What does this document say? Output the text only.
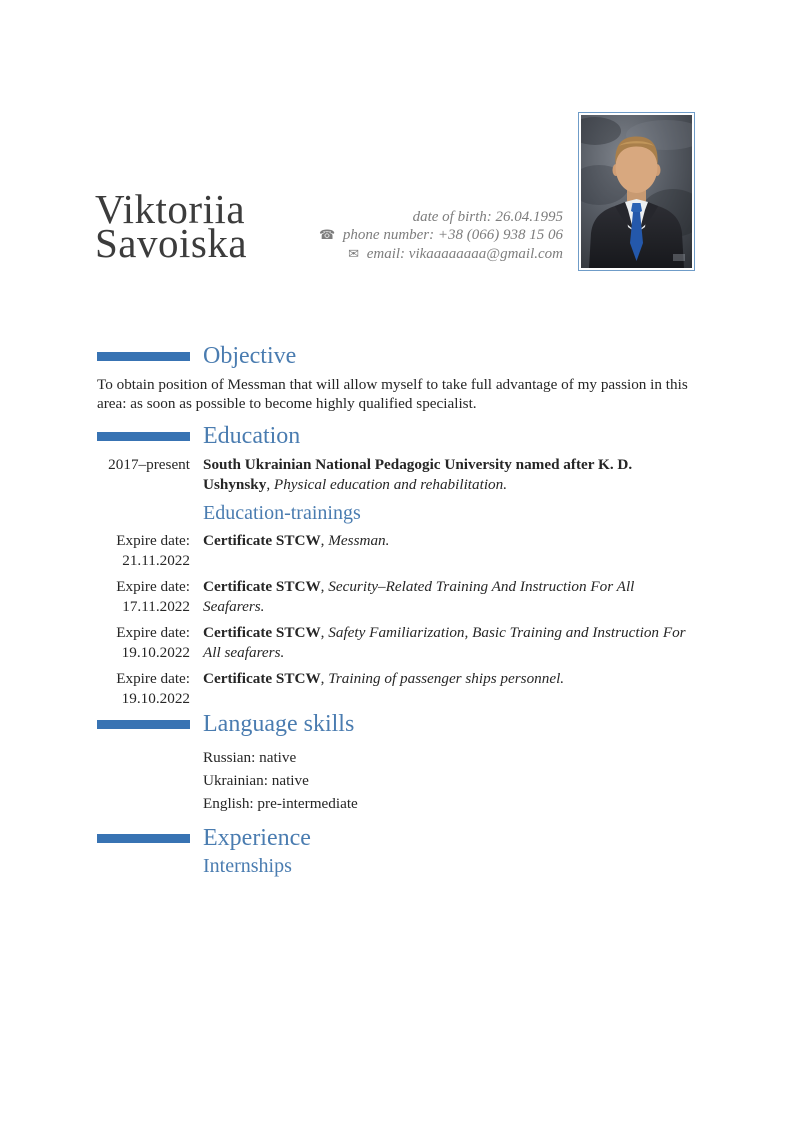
Viktoriia
Savoiska
date of birth: 26.04.1995
☎ phone number: +38 (066) 938 15 06
✉ email: vikaaaaaaaa@gmail.com
Objective

To obtain position of Messman that will allow myself to take full advantage of my passion in this area: as soon as possible to become highly qualified specialist.

Education
2017–present South Ukrainian National Pedagogic University named after K. D. Ushynsky, Physical education and rehabilitation.
Education-trainings
Expire date:
21.11.2022
Certificate STCW, Messman.
Expire date:
17.11.2022
Certificate STCW, Security–Related Training And Instruction For All Seafarers.
Expire date:
19.10.2022
Certificate STCW, Safety Familiarization, Basic Training and Instruction For All seafarers.
Expire date:
19.10.2022
Certificate STCW, Training of passenger ships personnel.
Language skills

Russian: native

Ukrainian: native

English: pre-intermediate

Experience
Internships
